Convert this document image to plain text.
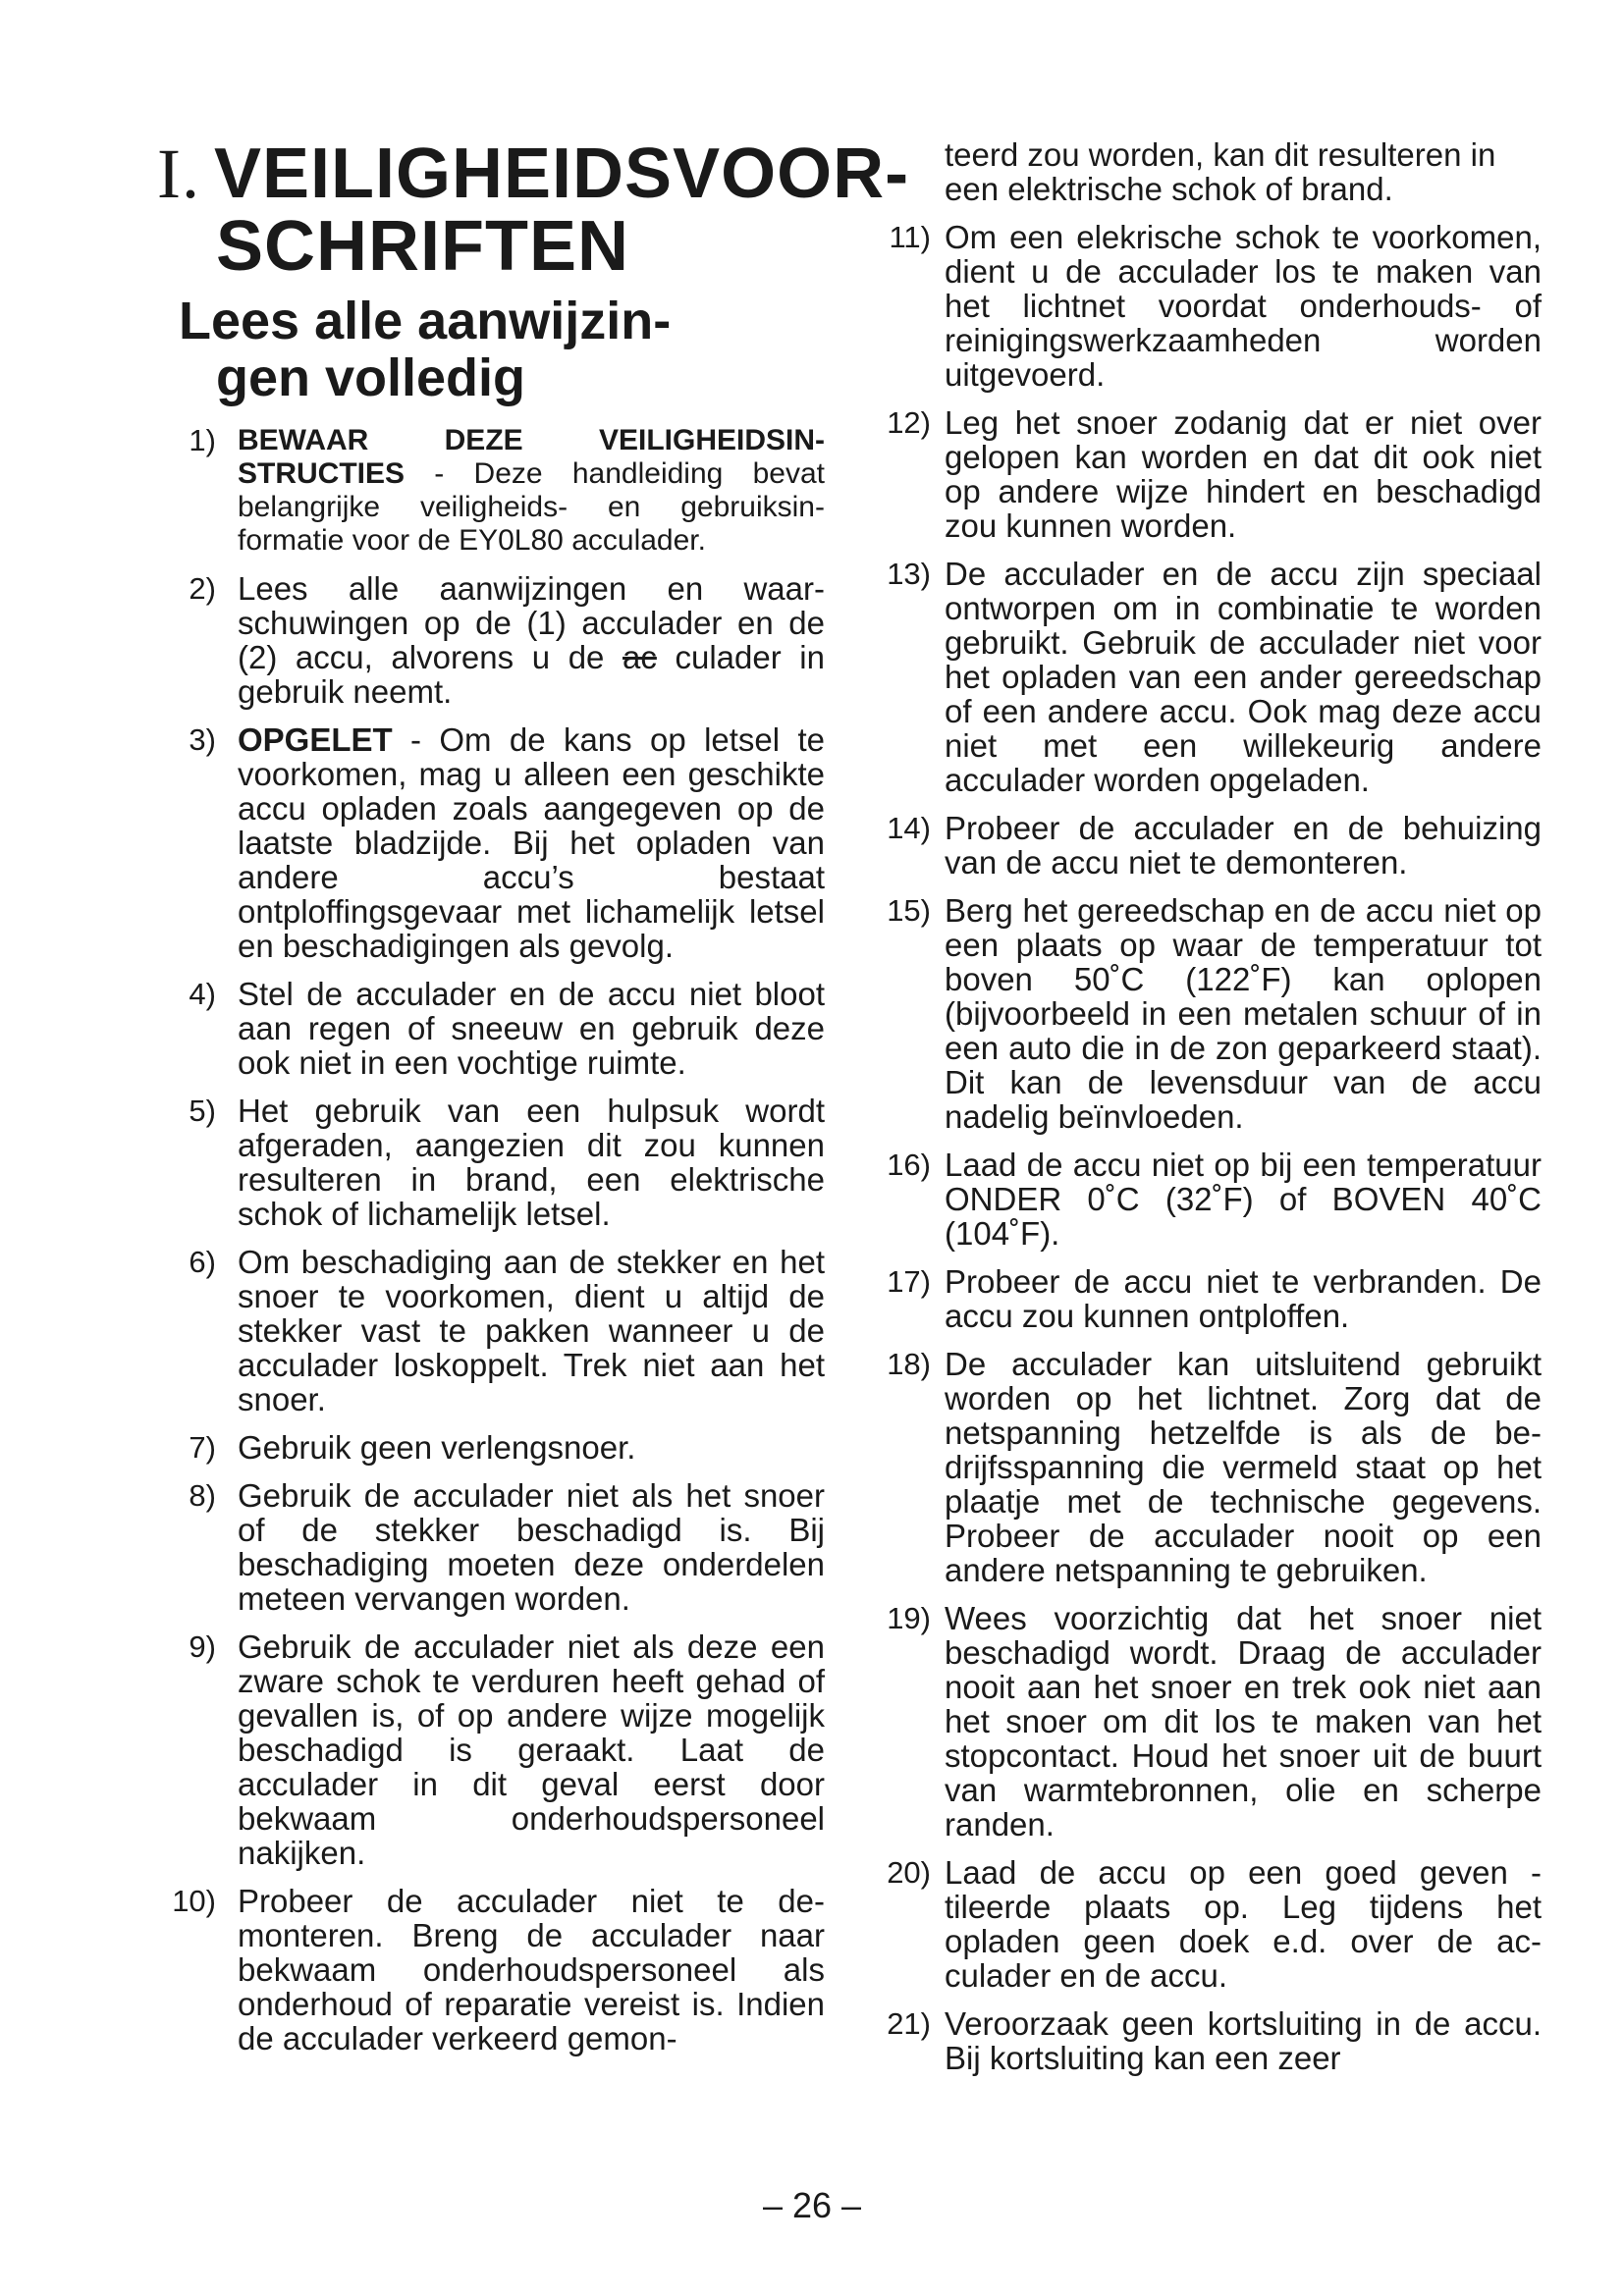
I. VEILIGHEIDSVOOR-
SCHRIFTEN
Lees alle aanwijzin-
gen volledig
1) BEWAAR DEZE VEILIGHEIDSINSTRUCTIES - Deze handleiding bevat belangrijke veiligheids- en gebruiksinformatie voor de EY0L80 acculader.
2) Lees alle aanwijzingen en waarschuwingen op de (1) acculader en de (2) accu, alvorens u de ac culader in gebruik neemt.
3) OPGELET - Om de kans op letsel te voorkomen, mag u alleen een geschikte accu opladen zoals aangegeven op de laatste bladzijde. Bij het opladen van andere accu’s bestaat ontploffingsgevaar met lichamelijk letsel en beschadigingen als gevolg.
4) Stel de acculader en de accu niet bloot aan regen of sneeuw en gebruik deze ook niet in een vochtige ruimte.
5) Het gebruik van een hulpsuk wordt afgeraden, aangezien dit zou kunnen resulteren in brand, een elektrische schok of lichamelijk letsel.
6) Om beschadiging aan de stekker en het snoer te voorkomen, dient u altijd de stekker vast te pakken wanneer u de acculader loskoppelt. Trek niet aan het snoer.
7) Gebruik geen verlengsnoer.
8) Gebruik de acculader niet als het snoer of de stekker beschadigd is. Bij beschadiging moeten deze onderdelen meteen vervangen worden.
9) Gebruik de acculader niet als deze een zware schok te verduren heeft gehad of gevallen is, of op andere wijze mogelijk beschadigd is geraakt. Laat de acculader in dit geval eerst door bekwaam onderhoudspersoneel nakijken.
10) Probeer de acculader niet te demonteren. Breng de acculader naar bekwaam onderhoudspersoneel als onderhoud of reparatie vereist is. Indien de acculader verkeerd gemon-

teerd zou worden, kan dit resulteren in een elektrische schok of brand.

11) Om een elekrische schok te voorkomen, dient u de acculader los te maken van het lichtnet voordat onderhouds- of reinigingswerkzaamheden worden uitgevoerd.
12) Leg het snoer zodanig dat er niet over gelopen kan worden en dat dit ook niet op andere wijze hindert en beschadigd zou kunnen worden.
13) De acculader en de accu zijn speciaal ontworpen om in combinatie te worden gebruikt. Gebruik de acculader niet voor het opladen van een ander gereedschap of een andere accu. Ook mag deze accu niet met een willekeurig andere acculader worden opgeladen.
14) Probeer de acculader en de behuizing van de accu niet te demonteren.
15) Berg het gereedschap en de accu niet op een plaats op waar de temperatuur tot boven 50˚C (122˚F) kan oplopen (bijvoorbeeld in een metalen schuur of in een auto die in de zon geparkeerd staat). Dit kan de levensduur van de accu nadelig beïnvloeden.
16) Laad de accu niet op bij een temperatuur ONDER 0˚C (32˚F) of BOVEN 40˚C (104˚F).
17) Probeer de accu niet te verbranden. De accu zou kunnen ontploffen.
18) De acculader kan uitsluitend gebruikt worden op het lichtnet. Zorg dat de netspanning hetzelfde is als de bedrijfsspanning die vermeld staat op het plaatje met de technische gegevens. Probeer de acculader nooit op een andere netspanning te gebruiken.
19) Wees voorzichtig dat het snoer niet beschadigd wordt. Draag de acculader nooit aan het snoer en trek ook niet aan het snoer om dit los te maken van het stopcontact. Houd het snoer uit de buurt van warmtebronnen, olie en scherpe randen.
20) Laad de accu op een goed geven - tileerde plaats op. Leg tijdens het opladen geen doek e.d. over de acculader en de accu.
21) Veroorzaak geen kortsluiting in de accu. Bij kortsluiting kan een zeer
– 26 –
